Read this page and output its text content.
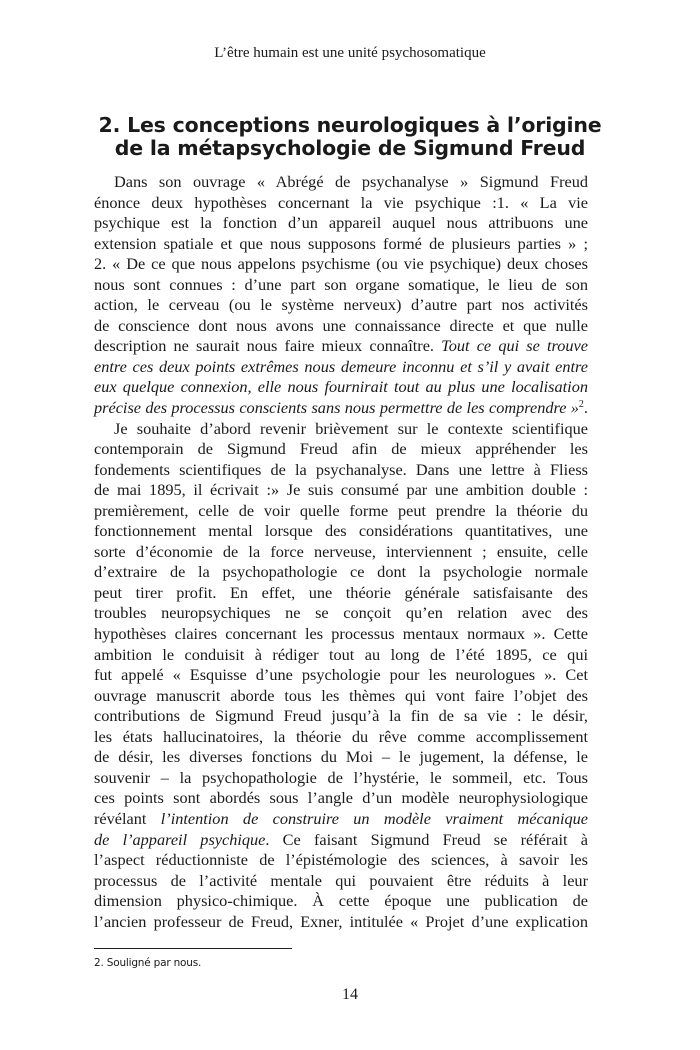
L’être humain est une unité psychosomatique
2. Les conceptions neurologiques à l’origine
de la métapsychologie de Sigmund Freud
Dans son ouvrage « Abrégé de psychanalyse » Sigmund Freud
énonce deux hypothèses concernant la vie psychique :1. « La vie
psychique est la fonction d’un appareil auquel nous attribuons une
extension spatiale et que nous supposons formé de plusieurs parties » ;
2. « De ce que nous appelons psychisme (ou vie psychique) deux choses
nous sont connues : d’une part son organe somatique, le lieu de son
action, le cerveau (ou le système nerveux) d’autre part nos activités
de conscience dont nous avons une connaissance directe et que nulle
description ne saurait nous faire mieux connaître. Tout ce qui se trouve
entre ces deux points extrêmes nous demeure inconnu et s’il y avait entre
eux quelque connexion, elle nous fournirait tout au plus une localisation
précise des processus conscients sans nous permettre de les comprendre »$^2$.
Je souhaite d’abord revenir brièvement sur le contexte scientifique
contemporain de Sigmund Freud afin de mieux appréhender les
fondements scientifiques de la psychanalyse. Dans une lettre à Fliess
de mai 1895, il écrivait :» Je suis consumé par une ambition double :
premièrement, celle de voir quelle forme peut prendre la théorie du
fonctionnement mental lorsque des considérations quantitatives, une
sorte d’économie de la force nerveuse, interviennent ; ensuite, celle
d’extraire de la psychopathologie ce dont la psychologie normale
peut tirer profit. En effet, une théorie générale satisfaisante des
troubles neuropsychiques ne se conçoit qu’en relation avec des
hypothèses claires concernant les processus mentaux normaux ». Cette
ambition le conduisit à rédiger tout au long de l’été 1895, ce qui
fut appelé « Esquisse d’une psychologie pour les neurologues ». Cet
ouvrage manuscrit aborde tous les thèmes qui vont faire l’objet des
contributions de Sigmund Freud jusqu’à la fin de sa vie : le désir,
les états hallucinatoires, la théorie du rêve comme accomplissement
de désir, les diverses fonctions du Moi – le jugement, la défense, le
souvenir – la psychopathologie de l’hystérie, le sommeil, etc. Tous
ces points sont abordés sous l’angle d’un modèle neurophysiologique
révélant l’intention de construire un modèle vraiment mécanique
de l’appareil psychique. Ce faisant Sigmund Freud se référait à
l’aspect réductionniste de l’épistémologie des sciences, à savoir les
processus de l’activité mentale qui pouvaient être réduits à leur
dimension physico-chimique. À cette époque une publication de
l’ancien professeur de Freud, Exner, intitulée « Projet d’une explication
2. Souligné par nous.
14
